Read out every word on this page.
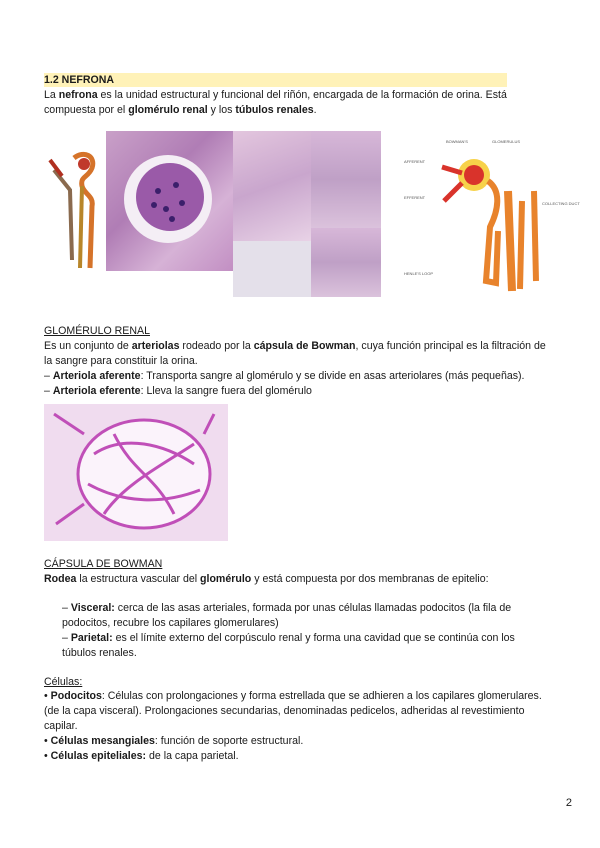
1.2 NEFRONA
La nefrona es la unidad estructural y funcional del riñón, encargada de la formación de orina. Está
compuesta por el glomérulo renal y los túbulos renales.
BOWMAN'S	GLOMERULUS
AFFERENT
EFFERENT
HENLE'S LOOP
COLLECTING DUCT
GLOMÉRULO RENAL
Es un conjunto de arteriolas rodeado por la cápsula de Bowman, cuya función principal es la filtración de
la sangre para constituir la orina.
– Arteriola aferente: Transporta sangre al glomérulo y se divide en asas arteriolares (más pequeñas).
– Arteriola eferente: Lleva la sangre fuera del glomérulo
CÁPSULA DE BOWMAN
Rodea la estructura vascular del glomérulo y está compuesta por dos membranas de epitelio:
– Visceral: cerca de las asas arteriales, formada por unas células llamadas podocitos (la fila de
podocitos, recubre los capilares glomerulares)
– Parietal: es el límite externo del corpúsculo renal y forma una cavidad que se continúa con los
túbulos renales.
Células:
• Podocitos: Células con prolongaciones y forma estrellada que se adhieren a los capilares glomerulares.
(de la capa visceral). Prolongaciones secundarias, denominadas pedicelos, adheridas al revestimiento
capilar.
• Células mesangiales: función de soporte estructural.
• Células epiteliales: de la capa parietal.
2
